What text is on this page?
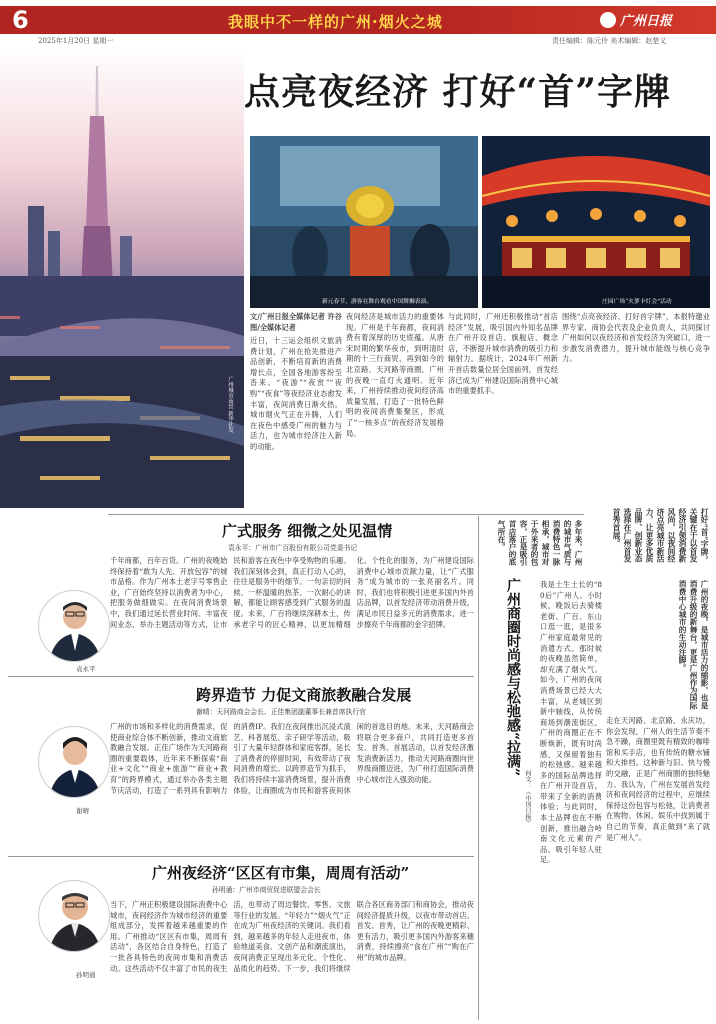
6	我眼中不一样的广州·烟火之城	广州日报
2025年1月20日 星期一	责任编辑：陈元伶 美术编辑：赵楚义
广州城市夜景 新华社发
点亮夜经济 打好“首”字牌
新元春节，游客在舞台观看中国舞狮表演。	庄园广场“火萝卡灯会”活动
文/广州日报全媒体记者 许谷 图/全媒体记者
近日，十三运会组织文旅消费计划，广州在抢先推进产品创新，不断培育新的消费增长点，全国各地游客纷至沓来。“夜游”“夜赏”“夜购”“夜食”等夜经济业态愈发丰富，夜间消费日渐火热。城市烟火气正在升腾，人们在夜色中感受广州的魅力与活力，也为城市经济注入新的动能。
夜间经济是城市活力的重要体现。广州是千年商都，夜间消费有着深厚的历史底蕴。从唐宋时期的繁华夜市，到明清时期的十三行商贸，再到如今的北京路、天河路等商圈，广州的夜晚一直灯火通明。近年来，广州持续推动夜间经济高质量发展，打造了一批特色鲜明的夜间消费集聚区，形成了“一核多点”的夜经济发展格局。
与此同时，广州还积极推动“首店经济”发展，吸引国内外知名品牌在广州开设首店、旗舰店、概念店，不断提升城市消费的吸引力和辐射力。据统计，2024年广州新开首店数量位居全国前列，首发经济已成为广州建设国际消费中心城市的重要抓手。
围绕“点亮夜经济、打好首字牌”，本报特邀业界专家、商协会代表及企业负责人，共同探讨广州如何以夜经济和首发经济为突破口，进一步激发消费潜力，提升城市能级与核心竞争力。
打好“首”字牌，关键在于以首发经济引领消费新风尚，以夜间经济点亮城市新活力，让更多优质品牌、创新业态选择在广州首发首秀首展。
广式服务 细微之处见温情
袁永平：广州市广百股份有限公司党委书记
千年商都，百年百货。广州的夜晚始终保持着“敢为人先、开放包容”的城市品格。作为广州本土老字号零售企业，广百始终坚持以消费者为中心，把服务做细做实。在夜间消费场景中，我们通过延长营业时间、丰富夜间业态、举办主题活动等方式，让市民和游客在夜色中享受购物的乐趣。我们深刻体会到，真正打动人心的，往往是服务中的细节。一句亲切的问候、一杯温暖的热茶、一次耐心的讲解，都能让顾客感受到广式服务的温度。未来，广百将继续深耕本土，传承老字号的匠心精神，以更加精细化、个性化的服务，为广州建设国际消费中心城市贡献力量，让“广式服务”成为城市的一张亮丽名片。同时，我们也将积极引进更多国内外首店品牌，以首发经济带动消费升级，满足市民日益多元的消费需求，进一步擦亮千年商都的金字招牌。
袁永平
跨界造节 力促文商旅教融合发展
谢晴：天河路商会会长、正佳集团副董事长兼首席执行官
广州的市场和多样化的消费需求，促使商业综合体不断创新，推动文商旅教融合发展。正佳广场作为天河路商圈的重要载体，近年来不断探索“商业+文化”“商业+旅游”“商业+教育”的跨界模式，通过举办各类主题节庆活动，打造了一系列具有影响力的消费IP。我们在夜间推出沉浸式演艺、科普展览、亲子研学等活动，吸引了大量年轻群体和家庭客群，延长了消费者的停留时间，有效带动了夜间消费的增长。以跨界造节为抓手，我们将持续丰富消费场景，提升消费体验，让商圈成为市民和游客夜间休闲的首选目的地。未来，天河路商会将联合更多商户，共同打造更多首发、首秀、首展活动，以首发经济激发消费新活力，推动天河路商圈向世界级商圈迈进，为广州打造国际消费中心城市注入强劲动能。
谢晴
广州夜经济“区区有市集，周周有活动”
孙明通：广州市商贸促进联盟会会长
当下，广州正积极建设国际消费中心城市，夜间经济作为城市经济的重要组成部分，发挥着越来越重要的作用。广州推动“区区有市集，周周有活动”，各区结合自身特色，打造了一批各具特色的夜间市集和消费活动。这些活动不仅丰富了市民的夜生活，也带动了周边餐饮、零售、文旅等行业的发展。“年轻力”“烟火气”正在成为广州夜经济的关键词。我们看到，越来越多的年轻人走进夜市，体验地道美食、文创产品和潮流演出，夜间消费正呈现出多元化、个性化、品质化的趋势。下一步，我们将继续联合各区商务部门和商协会，推动夜间经济提质升级，以夜市带动首店、首发、首秀，让广州的夜晚更精彩、更有活力，吸引更多国内外游客来穗消费，持续擦亮“食在广州”“购在广州”的城市品牌。
孙明通
多年来，广州的城市气质与消费特色一脉相承，城市对于外来者的包容，正是吸引首店落户的底气所在。
广州商圈时尚感与松弛感“拉满”
何文：《中国日报》
我是土生土长的“80后”广州人。小时候，晚饭后去骑楼老街、广百、东山口逛一逛，是很多广州家庭最常见的消遣方式。那时候的夜晚虽然简单，却充满了烟火气。如今，广州的夜间消费场景已经大大丰富，从老城区到新中轴线，从传统商场到潮流街区，广州的商圈正在不断焕新，既有时尚感，又保留着独有的松弛感。越来越多的国际品牌选择在广州开设首店，带来了全新的消费体验；与此同时，本土品牌也在不断创新，推出融合岭南文化元素的产品，吸引年轻人驻足。
走在天河路、北京路、永庆坊，你会发现，广州人的生活节奏不急不躁，商圈里既有精致的咖啡馆和买手店，也有传统的糖水铺和大排档。这种新与旧、快与慢的交融，正是广州商圈的独特魅力。我认为，广州在发展首发经济和夜间经济的过程中，应继续保持这份包容与松弛，让消费者在购物、休闲、娱乐中找到属于自己的节奏，真正做到“来了就是广州人”。
广州的夜晚，是城市活力的缩影，也是消费升级的新舞台，更是广州作为国际消费中心城市的生动注脚。
